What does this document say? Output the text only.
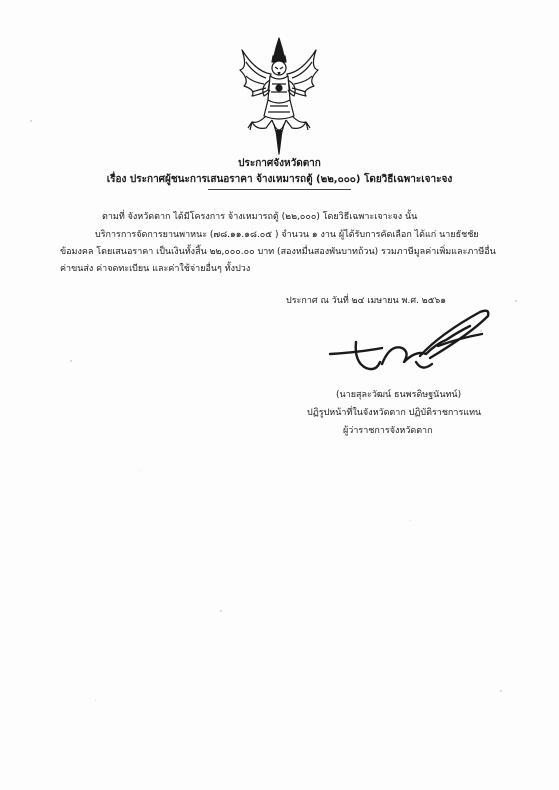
ประกาศจังหวัดตาก
เรื่อง ประกาศผู้ชนะการเสนอราคา จ้างเหมารถตู้ (๒๒,๐๐๐) โดยวิธีเฉพาะเจาะจง
ตามที่ จังหวัดตาก ได้มีโครงการ จ้างเหมารถตู้ (๒๒,๐๐๐) โดยวิธีเฉพาะเจาะจง นั้น
บริการการจัดการยานพาหนะ (๗๘.๑๑.๑๘.๐๕ ) จำนวน ๑ งาน ผู้ได้รับการคัดเลือก ได้แก่ นายธัชชัย
ข้อมงคล โดยเสนอราคา เป็นเงินทั้งสิ้น ๒๒,๐๐๐.๐๐ บาท (สองหมื่นสองพันบาทถ้วน) รวมภาษีมูลค่าเพิ่มและภาษีอื่น
ค่าขนส่ง ค่าจดทะเบียน และค่าใช้จ่ายอื่นๆ ทั้งปวง
ประกาศ ณ วันที่ ๒๔ เมษายน พ.ศ. ๒๕๖๑
(นายสุละวัฒน์ ธนพรดิษฐนันทน์)
ปฏิรูปหน้าที่ในจังหวัดตาก ปฏิบัติราชการแทน
ผู้ว่าราชการจังหวัดตาก
